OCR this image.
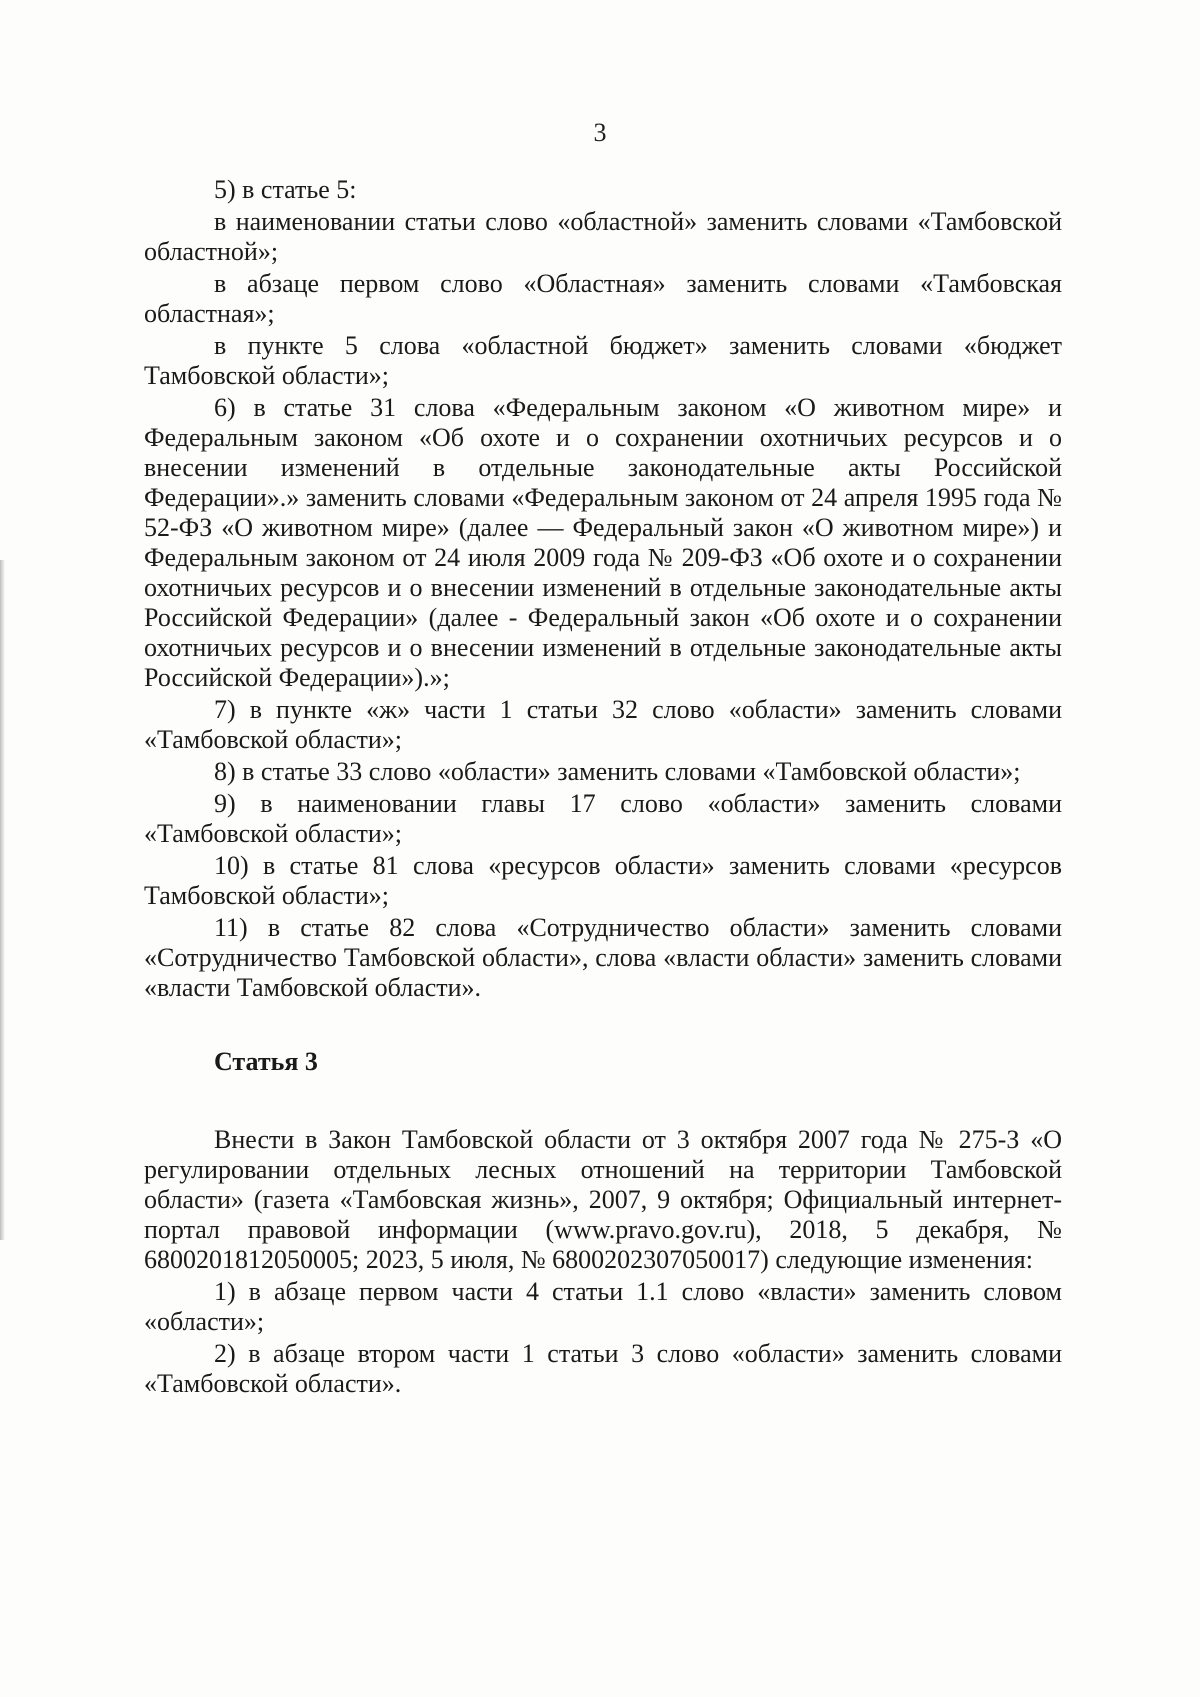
3

5) в статье 5:

в наименовании статьи слово «областной» заменить словами «Тамбовской областной»;

в абзаце первом слово «Областная» заменить словами «Тамбовская областная»;

в пункте 5 слова «областной бюджет» заменить словами «бюджет Тамбовской области»;

6) в статье 31 слова «Федеральным законом «О животном мире» и Федеральным законом «Об охоте и о сохранении охотничьих ресурсов и о внесении изменений в отдельные законодательные акты Российской Федерации».» заменить словами «Федеральным законом от 24 апреля 1995 года № 52-ФЗ «О животном мире» (далее — Федеральный закон «О животном мире») и Федеральным законом от 24 июля 2009 года № 209-ФЗ «Об охоте и о сохранении охотничьих ресурсов и о внесении изменений в отдельные законодательные акты Российской Федерации» (далее - Федеральный закон «Об охоте и о сохранении охотничьих ресурсов и о внесении изменений в отдельные законодательные акты Российской Федерации»).»;

7) в пункте «ж» части 1 статьи 32 слово «области» заменить словами «Тамбовской области»;

8) в статье 33 слово «области» заменить словами «Тамбовской области»;

9) в наименовании главы 17 слово «области» заменить словами «Тамбовской области»;

10) в статье 81 слова «ресурсов области» заменить словами «ресурсов Тамбовской области»;

11) в статье 82 слова «Сотрудничество области» заменить словами «Сотрудничество Тамбовской области», слова «власти области» заменить словами «власти Тамбовской области».

Статья 3

Внести в Закон Тамбовской области от 3 октября 2007 года № 275-З «О регулировании отдельных лесных отношений на территории Тамбовской области» (газета «Тамбовская жизнь», 2007, 9 октября; Официальный интернет-портал правовой информации (www.pravo.gov.ru), 2018, 5 декабря, № 6800201812050005; 2023, 5 июля, № 6800202307050017) следующие изменения:

1) в абзаце первом части 4 статьи 1.1 слово «власти» заменить словом «области»;

2) в абзаце втором части 1 статьи 3 слово «области» заменить словами «Тамбовской области».
